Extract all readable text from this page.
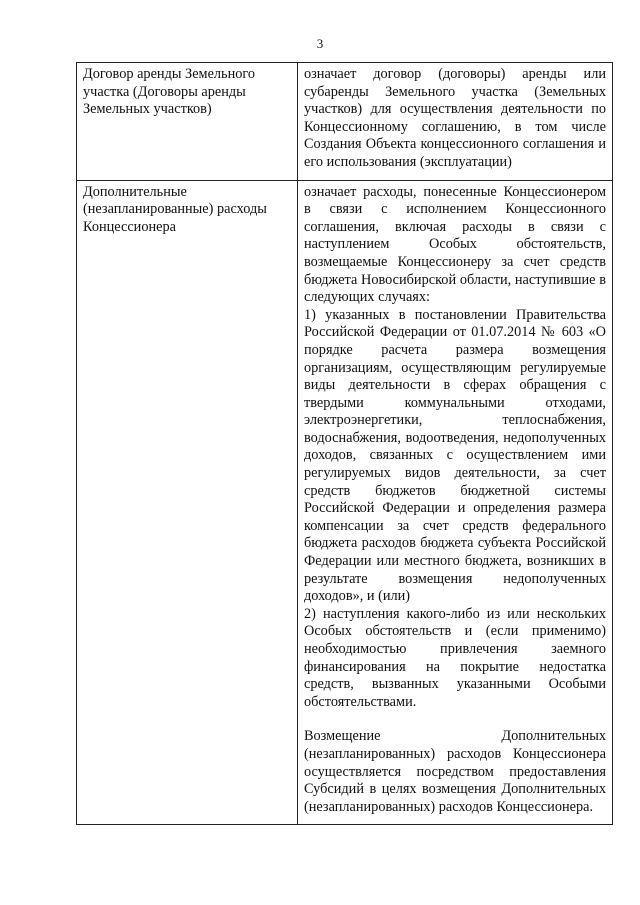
3
Договор аренды Земельного участка (Договоры аренды Земельных участков)	означает договор (договоры) аренды или субаренды Земельного участка (Земельных участков) для осуществления деятельности по Концессионному соглашению, в том числе Создания Объекта концессионного соглашения и его использования (эксплуатации)

Дополнительные (незапланированные) расходы Концессионера	означает расходы, понесенные Концессионером в связи с исполнением Концессионного соглашения, включая расходы в связи с наступлением Особых обстоятельств, возмещаемые Концессионеру за счет средств бюджета Новосибирской области, наступившие в следующих случаях:

1) указанных в постановлении Правительства Российской Федерации от 01.07.2014 № 603 «О порядке расчета размера возмещения организациям, осуществляющим регулируемые виды деятельности в сферах обращения с твердыми коммунальными отходами, электроэнергетики, теплоснабжения, водоснабжения, водоотведения, недополученных доходов, связанных с осуществлением ими регулируемых видов деятельности, за счет средств бюджетов бюджетной системы Российской Федерации и определения размера компенсации за счет средств федерального бюджета расходов бюджета субъекта Российской Федерации или местного бюджета, возникших в результате возмещения недополученных доходов», и (или)

2) наступления какого-либо из или нескольких Особых обстоятельств и (если применимо) необходимостью привлечения заемного финансирования на покрытие недостатка средств, вызванных указанными Особыми обстоятельствами.

Возмещение Дополнительных (незапланированных) расходов Концессионера осуществляется посредством предоставления Субсидий в целях возмещения Дополнительных (незапланированных) расходов Концессионера.
